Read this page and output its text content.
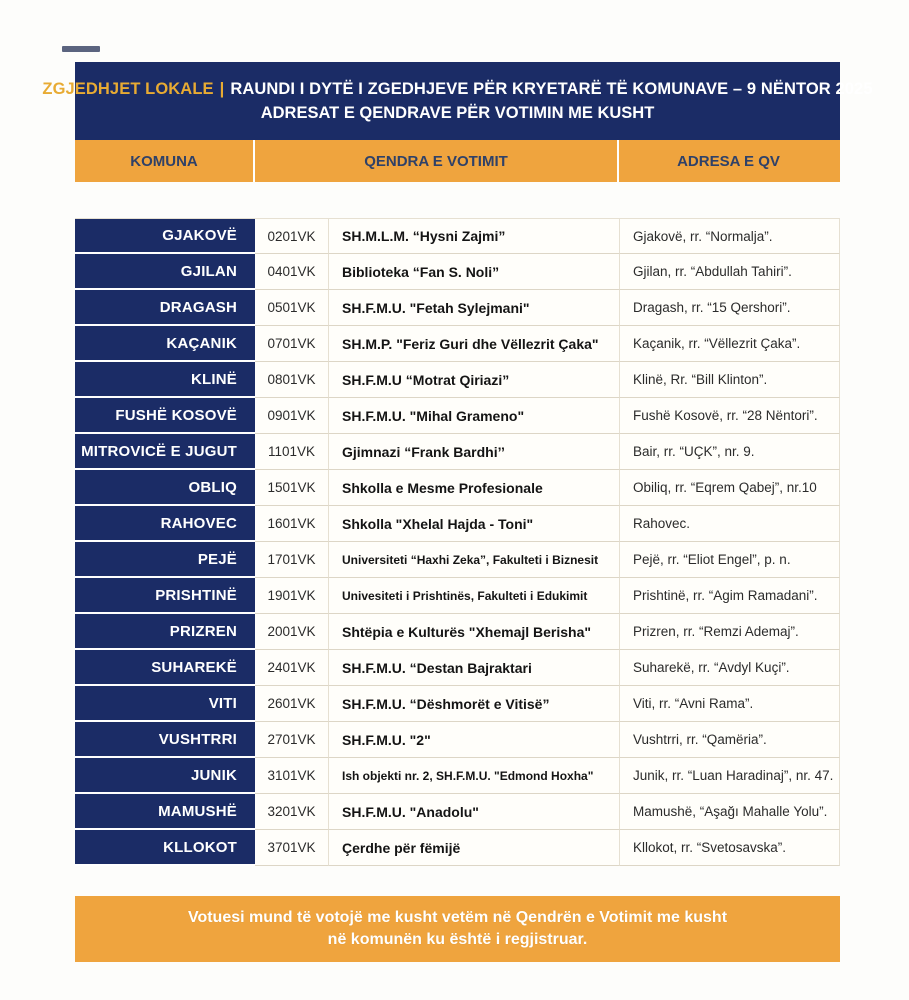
ZGJEDHJET LOKALE | RAUNDI I DYTË I ZGEDHJEVE PËR KRYETARË TË KOMUNAVE – 9 NËNTOR 2025
ADRESAT E QENDRAVE PËR VOTIMIN ME KUSHT
KOMUNA	QENDRA E VOTIMIT	ADRESA E QV
GJAKOVË	0201VK	SH.M.L.M. “Hysni Zajmi”	Gjakovë, rr. “Normalja”.
GJILAN	0401VK	Biblioteka “Fan S. Noli”	Gjilan, rr. “Abdullah Tahiri”.
DRAGASH	0501VK	SH.F.M.U. "Fetah Sylejmani"	Dragash, rr. “15 Qershori”.
KAÇANIK	0701VK	SH.M.P. "Feriz Guri dhe Vëllezrit Çaka"	Kaçanik, rr. “Vëllezrit Çaka”.
KLINË	0801VK	SH.F.M.U “Motrat Qiriazi”	Klinë, Rr. “Bill Klinton”.
FUSHË KOSOVË	0901VK	SH.F.M.U. "Mihal Grameno"	Fushë Kosovë, rr. “28 Nëntori”.
MITROVICË E JUGUT	1101VK	Gjimnazi “Frank Bardhi’’	Bair, rr. “UÇK”, nr. 9.
OBLIQ	1501VK	Shkolla e Mesme Profesionale	Obiliq, rr. “Eqrem Qabej”, nr.10
RAHOVEC	1601VK	Shkolla "Xhelal Hajda - Toni"	Rahovec.
PEJË	1701VK	Universiteti “Haxhi Zeka”, Fakulteti i Biznesit	Pejë, rr. “Eliot Engel”, p. n.
PRISHTINË	1901VK	Univesiteti i Prishtinës, Fakulteti i Edukimit	Prishtinë, rr. “Agim Ramadani”.
PRIZREN	2001VK	Shtëpia e Kulturës "Xhemajl Berisha"	Prizren, rr. “Remzi Ademaj”.
SUHAREKË	2401VK	SH.F.M.U. “Destan Bajraktari	Suharekë, rr. “Avdyl Kuçi”.
VITI	2601VK	SH.F.M.U. “Dëshmorët e Vitisë”	Viti, rr. “Avni Rama”.
VUSHTRRI	2701VK	SH.F.M.U. "2"	Vushtrri, rr. “Qamëria”.
JUNIK	3101VK	Ish objekti nr. 2, SH.F.M.U. "Edmond Hoxha"	Junik, rr. “Luan Haradinaj”, nr. 47.
MAMUSHË	3201VK	SH.F.M.U. "Anadolu"	Mamushë, “Aşağı Mahalle Yolu”.
KLLOKOT	3701VK	Çerdhe për fëmijë	Kllokot, rr. “Svetosavska”.
Votuesi mund të votojë me kusht vetëm në Qendrën e Votimit me kusht
në komunën ku është i regjistruar.
